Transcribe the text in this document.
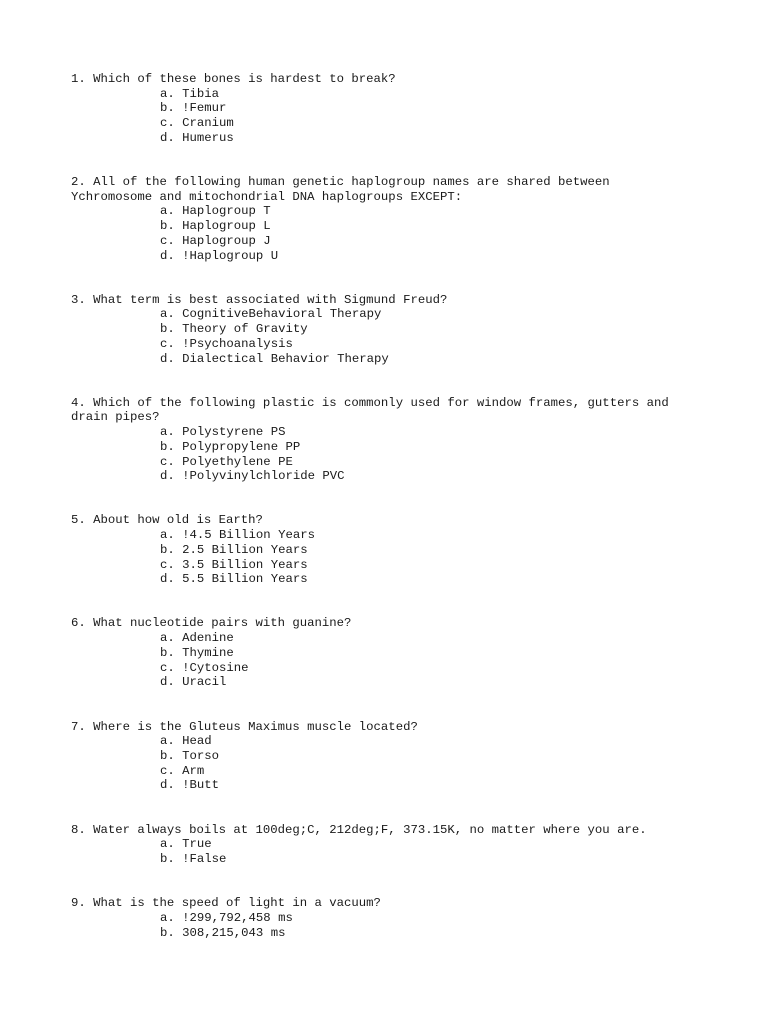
1. Which of these bones is hardest to break?

a. Tibia
b. !Femur
c. Cranium
d. Humerus

2. All of the following human genetic haplogroup names are shared between
Ychromosome and mitochondrial DNA haplogroups EXCEPT:

a. Haplogroup T
b. Haplogroup L
c. Haplogroup J
d. !Haplogroup U

3. What term is best associated with Sigmund Freud?

a. CognitiveBehavioral Therapy
b. Theory of Gravity
c. !Psychoanalysis
d. Dialectical Behavior Therapy

4. Which of the following plastic is commonly used for window frames, gutters and
drain pipes?

a. Polystyrene PS
b. Polypropylene PP
c. Polyethylene PE
d. !Polyvinylchloride PVC

5. About how old is Earth?

a. !4.5 Billion Years
b. 2.5 Billion Years
c. 3.5 Billion Years
d. 5.5 Billion Years

6. What nucleotide pairs with guanine?

a. Adenine
b. Thymine
c. !Cytosine
d. Uracil

7. Where is the Gluteus Maximus muscle located?

a. Head
b. Torso
c. Arm
d. !Butt

8. Water always boils at 100deg;C, 212deg;F, 373.15K, no matter where you are.

a. True
b. !False

9. What is the speed of light in a vacuum?

a. !299,792,458 ms
b. 308,215,043 ms
